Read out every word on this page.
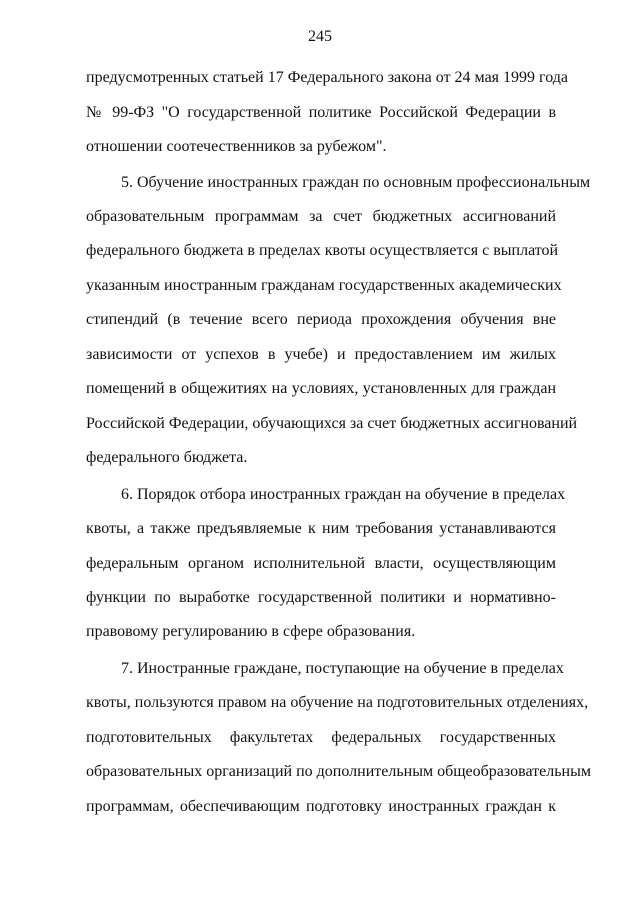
245
предусмотренных статьей 17 Федерального закона от 24 мая 1999 года
№ 99-ФЗ "О государственной политике Российской Федерации в
отношении соотечественников за рубежом".
5. Обучение иностранных граждан по основным профессиональным
образовательным программам за счет бюджетных ассигнований
федерального бюджета в пределах квоты осуществляется с выплатой
указанным иностранным гражданам государственных академических
стипендий (в течение всего периода прохождения обучения вне
зависимости от успехов в учебе) и предоставлением им жилых
помещений в общежитиях на условиях, установленных для граждан
Российской Федерации, обучающихся за счет бюджетных ассигнований
федерального бюджета.
6. Порядок отбора иностранных граждан на обучение в пределах
квоты, а также предъявляемые к ним требования устанавливаются
федеральным органом исполнительной власти, осуществляющим
функции по выработке государственной политики и нормативно-
правовому регулированию в сфере образования.
7. Иностранные граждане, поступающие на обучение в пределах
квоты, пользуются правом на обучение на подготовительных отделениях,
подготовительных факультетах федеральных государственных
образовательных организаций по дополнительным общеобразовательным
программам, обеспечивающим подготовку иностранных граждан к
